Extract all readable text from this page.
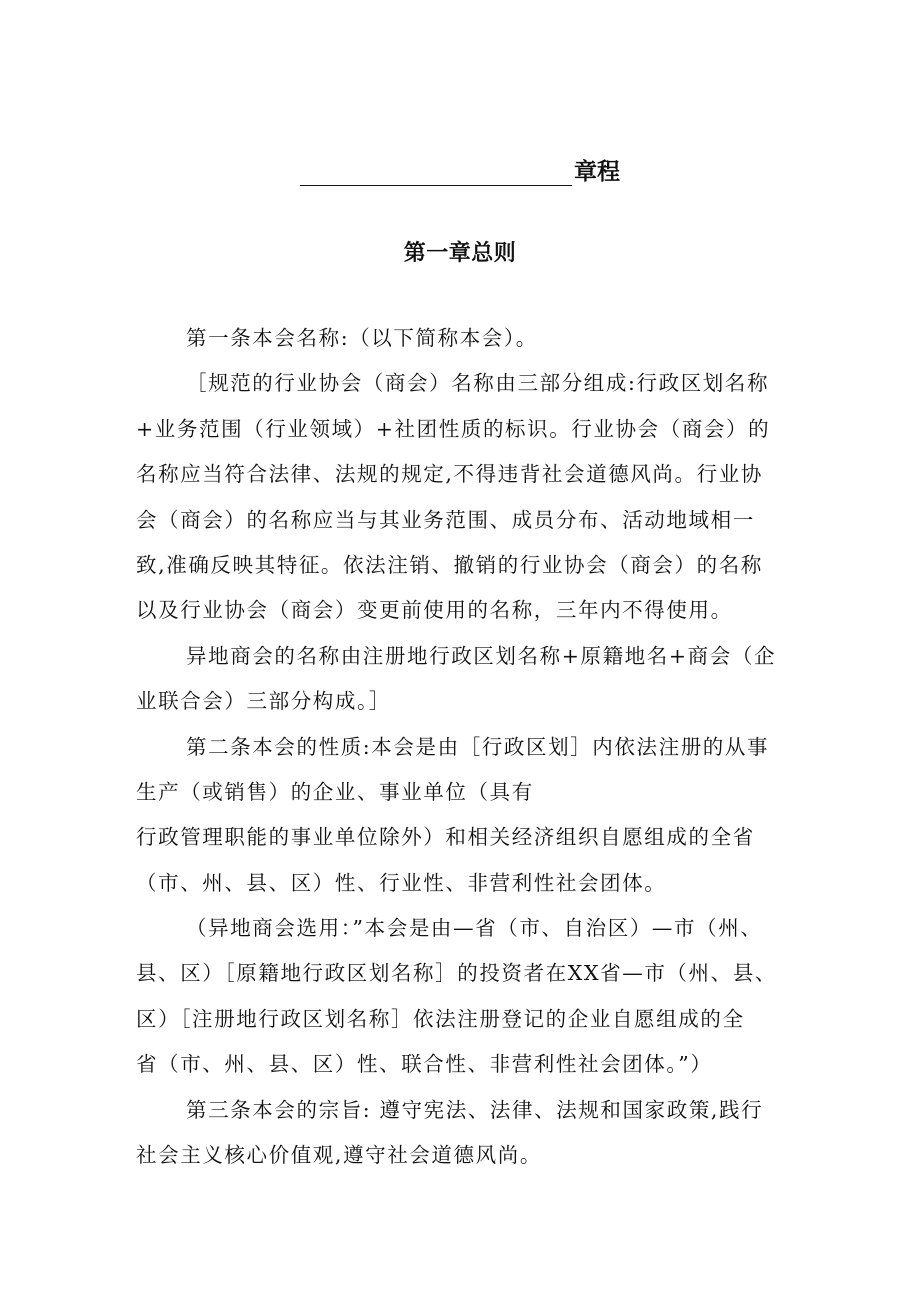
章程
第一章总则
第一条本会名称:（以下简称本会）。
［规范的行业协会（商会）名称由三部分组成:行政区划名称
+业务范围（行业领域）+社团性质的标识。行业协会（商会）的
名称应当符合法律、法规的规定,不得违背社会道德风尚。行业协
会（商会）的名称应当与其业务范围、成员分布、活动地域相一
致,准确反映其特征。依法注销、撤销的行业协会（商会）的名称
以及行业协会（商会）变更前使用的名称，三年内不得使用。
异地商会的名称由注册地行政区划名称+原籍地名+商会（企
业联合会）三部分构成。］
第二条本会的性质:本会是由［行政区划］内依法注册的从事
生产（或销售）的企业、事业单位（具有
行政管理职能的事业单位除外）和相关经济组织自愿组成的全省
（市、州、县、区）性、行业性、非营利性社会团体。
（异地商会选用：”本会是由—省（市、自治区）—市（州、
县、区）［原籍地行政区划名称］的投资者在XX省—市（州、县、
区）［注册地行政区划名称］依法注册登记的企业自愿组成的全
省（市、州、县、区）性、联合性、非营利性社会团体。”）
第三条本会的宗旨: 遵守宪法、法律、法规和国家政策,践行
社会主义核心价值观,遵守社会道德风尚。
